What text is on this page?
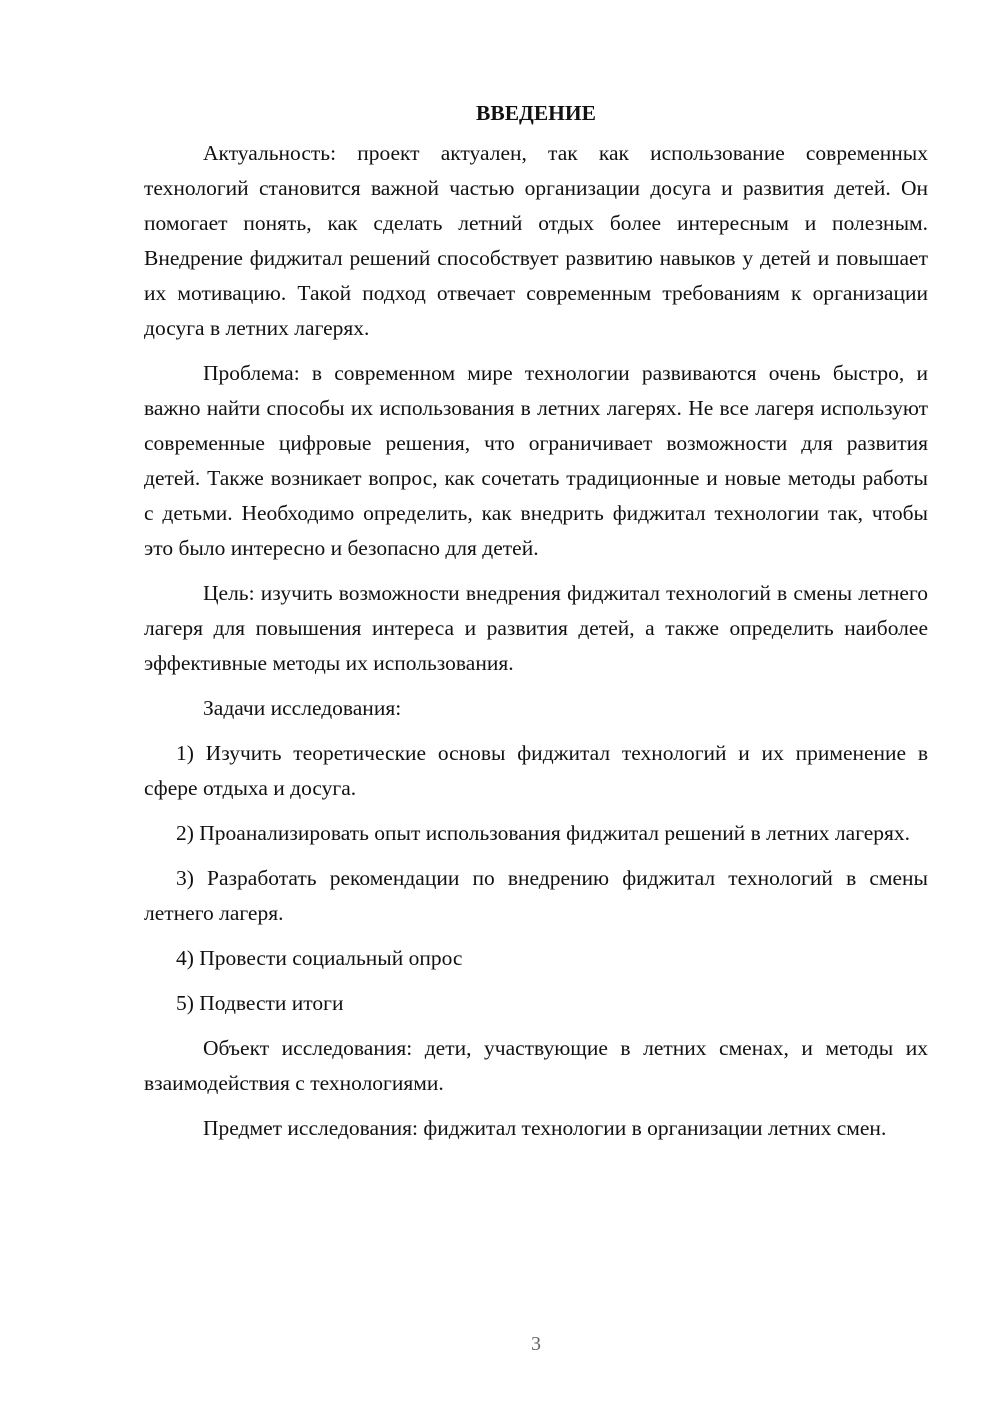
ВВЕДЕНИЕ

Актуальность: проект актуален, так как использование современных технологий становится важной частью организации досуга и развития детей. Он помогает понять, как сделать летний отдых более интересным и полезным. Внедрение фиджитал решений способствует развитию навыков у детей и повышает их мотивацию. Такой подход отвечает современным требованиям к организации досуга в летних лагерях.

Проблема: в современном мире технологии развиваются очень быстро, и важно найти способы их использования в летних лагерях. Не все лагеря используют современные цифровые решения, что ограничивает возможности для развития детей. Также возникает вопрос, как сочетать традиционные и новые методы работы с детьми. Необходимо определить, как внедрить фиджитал технологии так, чтобы это было интересно и безопасно для детей.

Цель: изучить возможности внедрения фиджитал технологий в смены летнего лагеря для повышения интереса и развития детей, а также определить наиболее эффективные методы их использования.

Задачи исследования:

1) Изучить теоретические основы фиджитал технологий и их применение в сфере отдыха и досуга.

2) Проанализировать опыт использования фиджитал решений в летних лагерях.

3) Разработать рекомендации по внедрению фиджитал технологий в смены летнего лагеря.

4) Провести социальный опрос

5) Подвести итоги

Объект исследования: дети, участвующие в летних сменах, и методы их взаимодействия с технологиями.

Предмет исследования: фиджитал технологии в организации летних смен.

3
